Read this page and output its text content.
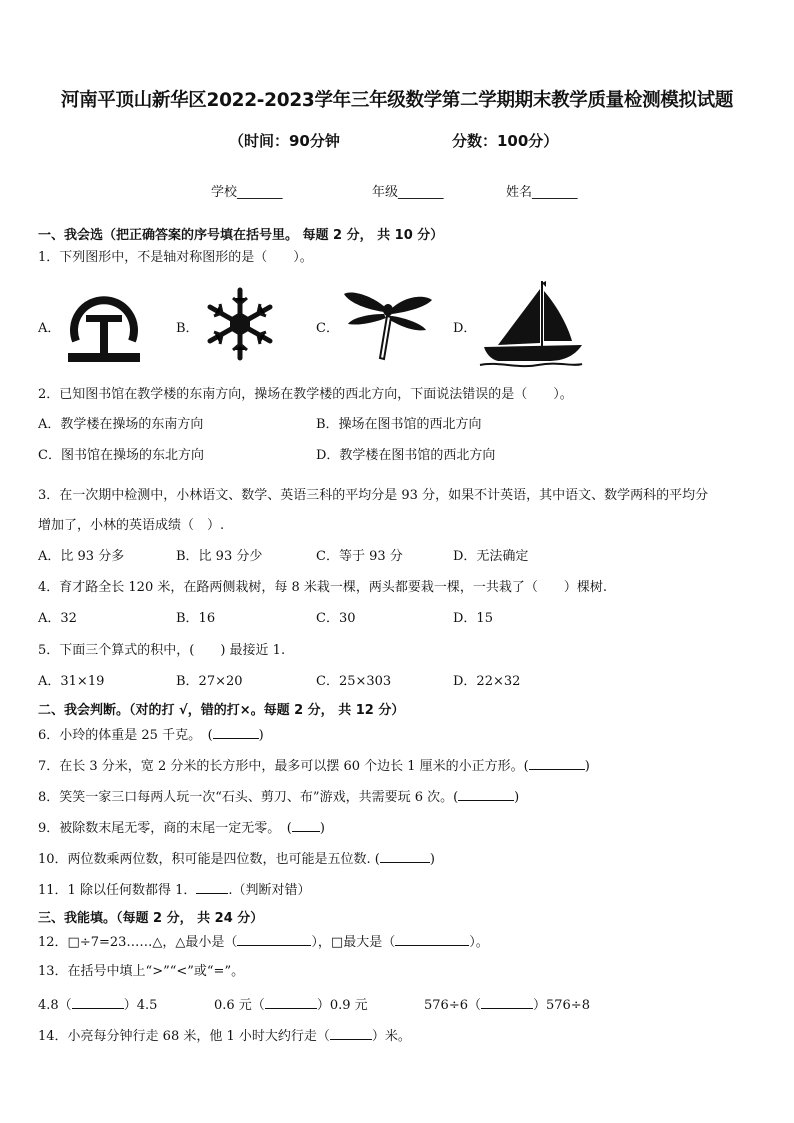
河南平顶山新华区2022-2023学年三年级数学第二学期期末教学质量检测模拟试题
（时间：90分钟	分数：100分）
学校_______	年级_______	姓名_______
一、我会选（把正确答案的序号填在括号里。 每题 2 分， 共 10 分）
1．下列图形中，不是轴对称图形的是（　　）。
A．	B．	C．	D．
2．已知图书馆在教学楼的东南方向，操场在教学楼的西北方向，下面说法错误的是（　　）。
A．教学楼在操场的东南方向	B．操场在图书馆的西北方向
C．图书馆在操场的东北方向	D．教学楼在图书馆的西北方向
3．在一次期中检测中，小林语文、数学、英语三科的平均分是 93 分，如果不计英语，其中语文、数学两科的平均分
增加了，小林的英语成绩（　）.
A．比 93 分多	B．比 93 分少	C．等于 93 分	D．无法确定
4．育才路全长 120 米，在路两侧栽树，每 8 米栽一棵，两头都要栽一棵，一共栽了（　　）棵树.
A．32	B．16	C．30	D．15
5．下面三个算式的积中，(　　) 最接近 1.
A．31×19	B．27×20	C．25×303	D．22×32
二、我会判断。（对的打 √，错的打×。每题 2 分， 共 12 分）
6．小玲的体重是 25 千克。　(	)
7．在长 3 分米，宽 2 分米的长方形中，最多可以摆 60 个边长 1 厘米的小正方形。(	)
8．笑笑一家三口每两人玩一次“石头、剪刀、布”游戏，共需要玩 6 次。(	)
9．被除数末尾无零，商的末尾一定无零。　( )
10．两位数乘两位数，积可能是四位数，也可能是五位数. (	)
11．1 除以任何数都得 1． .（判断对错）
三、我能填。（每题 2 分， 共 24 分）
12．□÷7=23……△，△最小是（	），□最大是（	）。
13．在括号中填上“>”“<”或“=”。
4.8（	）4.5	0.6 元（	）0.9 元	576÷6（	）576÷8
14．小亮每分钟行走 68 米，他 1 小时大约行走（	）米。
